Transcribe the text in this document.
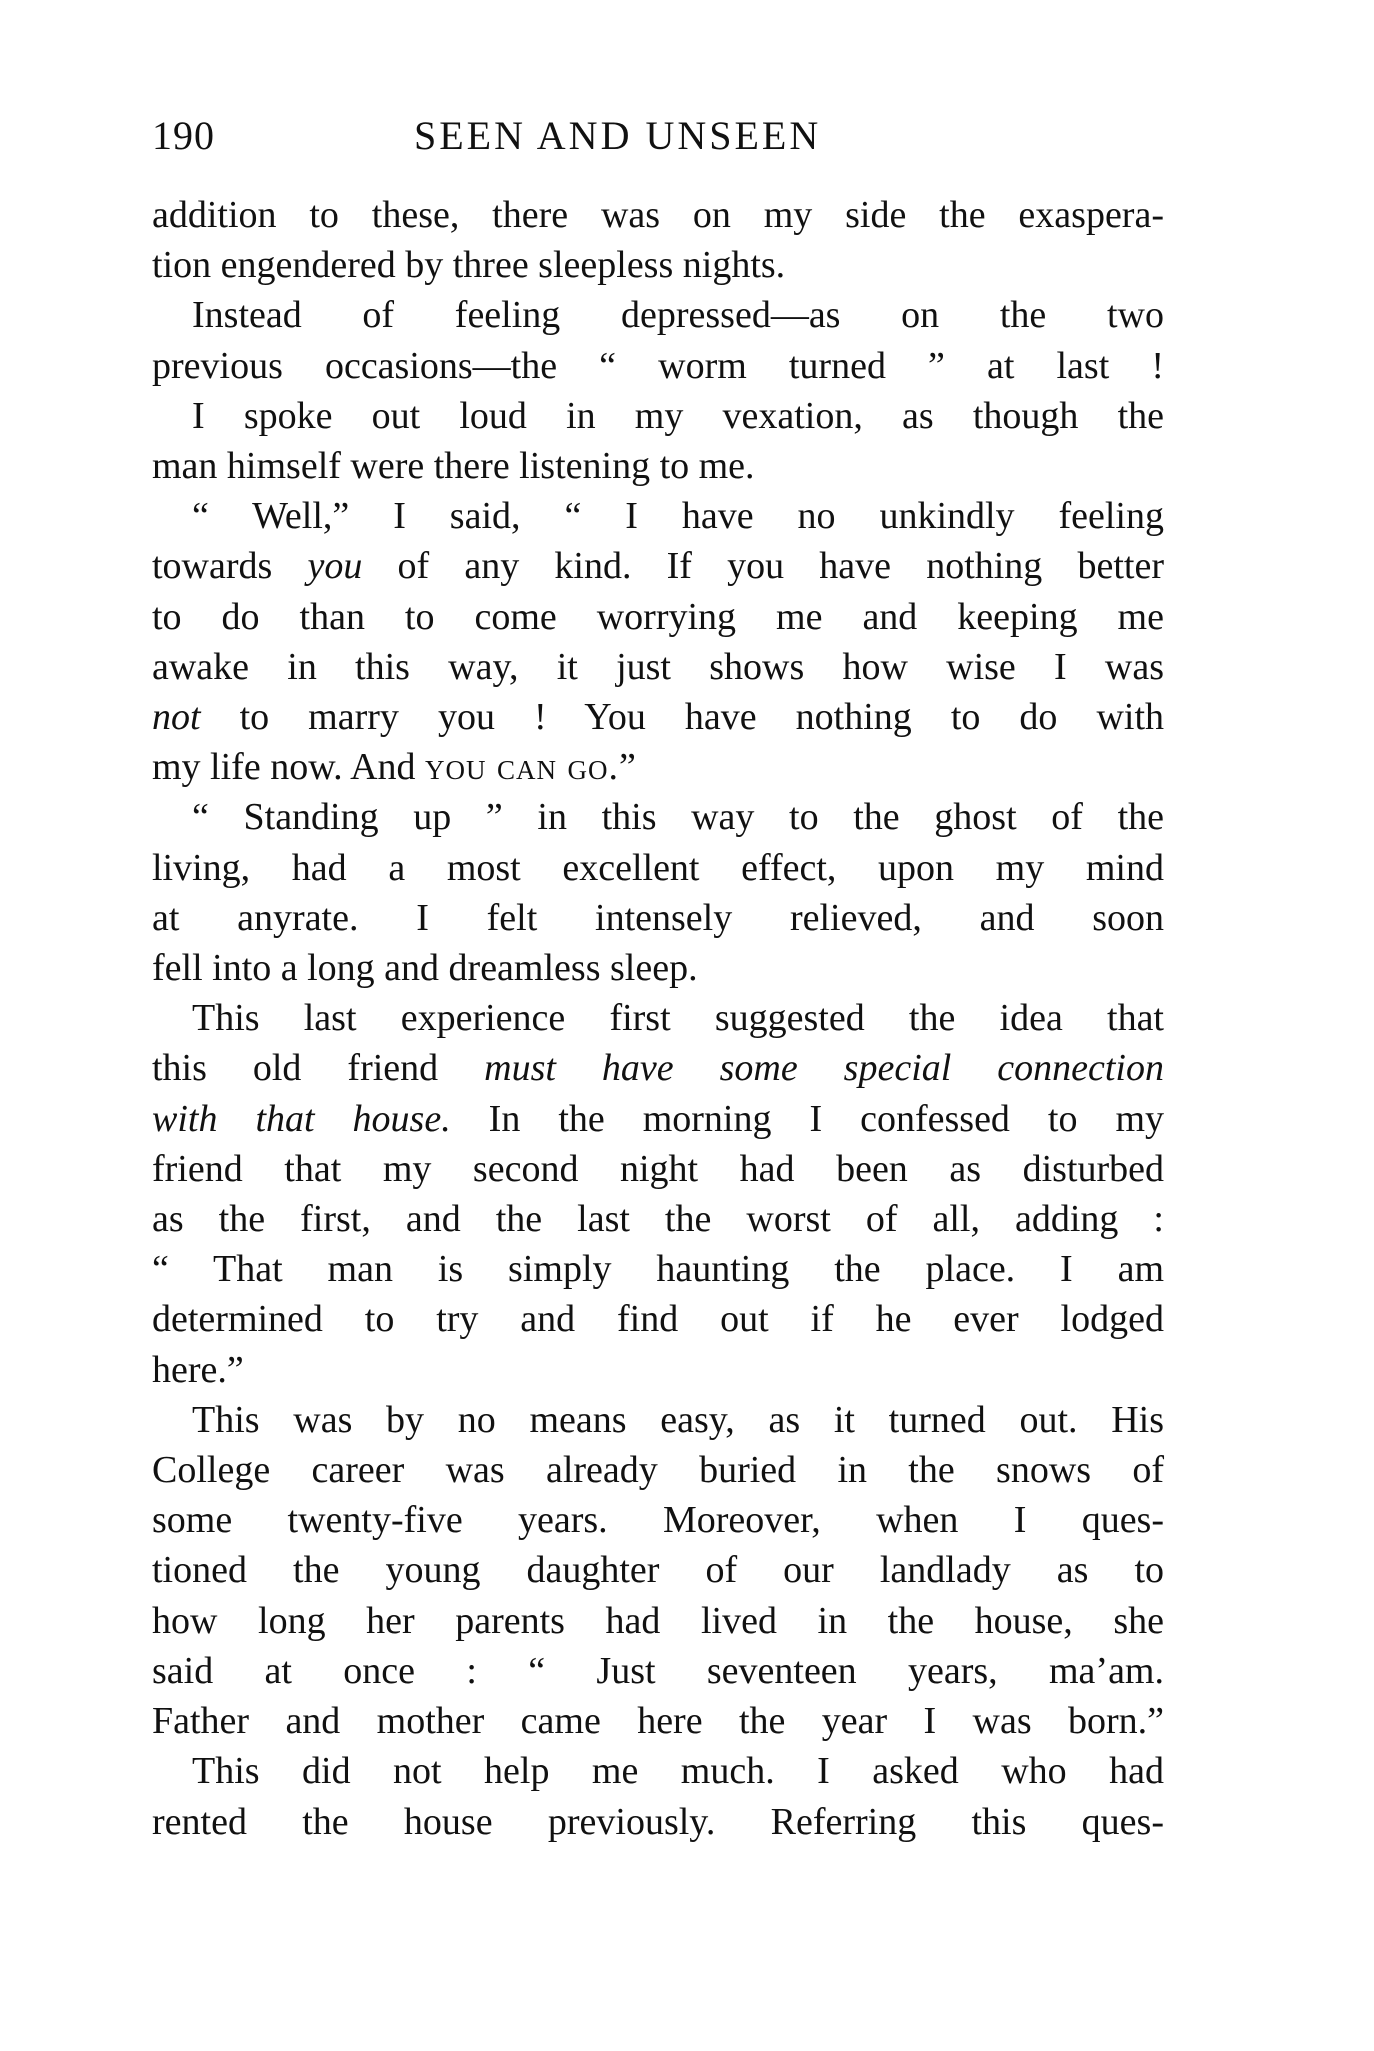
190	SEEN AND UNSEEN

addition to these, there was on my side the exaspera-

tion engendered by three sleepless nights.

Instead of feeling depressed—as on the two

previous occasions—the “ worm turned ” at last !

I spoke out loud in my vexation, as though the

man himself were there listening to me.

“ Well,” I said, “ I have no unkindly feeling

towards you of any kind. If you have nothing better

to do than to come worrying me and keeping me

awake in this way, it just shows how wise I was

not to marry you ! You have nothing to do with

my life now. And you can go.”

“ Standing up ” in this way to the ghost of the

living, had a most excellent effect, upon my mind

at anyrate. I felt intensely relieved, and soon

fell into a long and dreamless sleep.

This last experience first suggested the idea that

this old friend must have some special connection

with that house. In the morning I confessed to my

friend that my second night had been as disturbed

as the first, and the last the worst of all, adding :

“ That man is simply haunting the place. I am

determined to try and find out if he ever lodged

here.”

This was by no means easy, as it turned out. His

College career was already buried in the snows of

some twenty-five years. Moreover, when I ques-

tioned the young daughter of our landlady as to

how long her parents had lived in the house, she

said at once : “ Just seventeen years, ma’am.

Father and mother came here the year I was born.”

This did not help me much. I asked who had

rented the house previously. Referring this ques-
